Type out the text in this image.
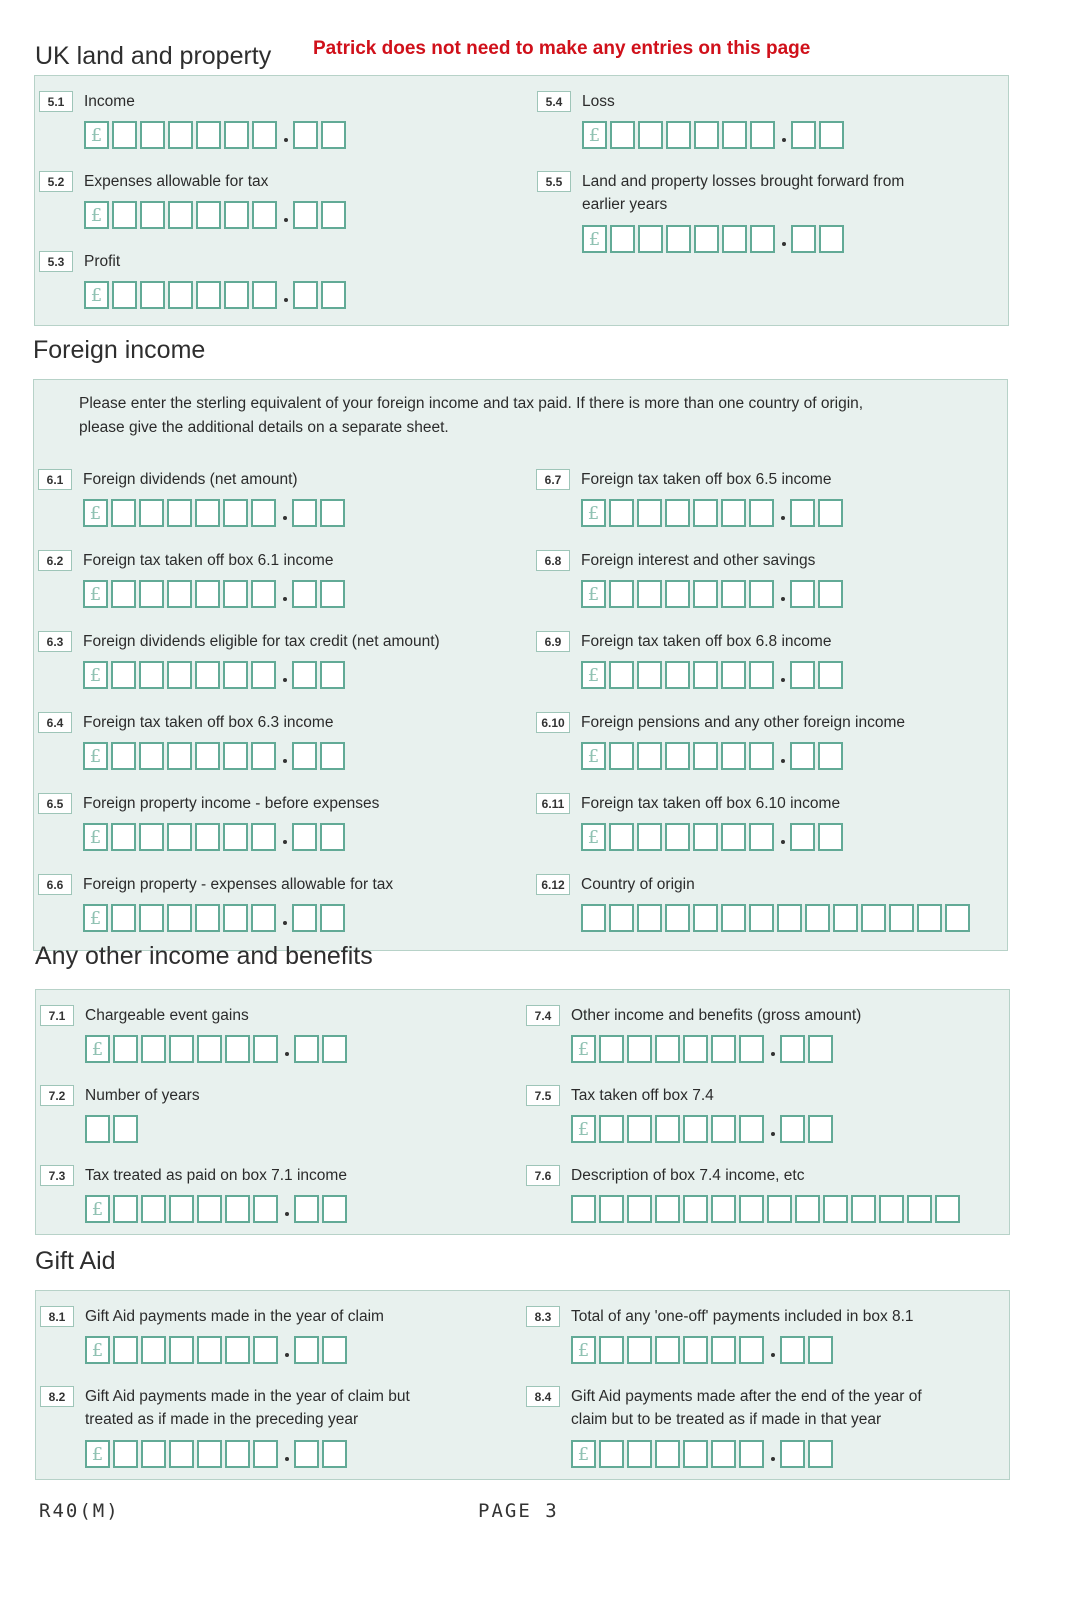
Patrick does not need to make any entries on this page
UK land and property
5.1	Income
£
5.2	Expenses allowable for tax
£
5.3	Profit
£
5.4	Loss
£
5.5	Land and property losses brought forward from
earlier years
£
Foreign income
Please enter the sterling equivalent of your foreign income and tax paid. If there is more than one country of origin,
please give the additional details on a separate sheet.
6.1	Foreign dividends (net amount)
£
6.2	Foreign tax taken off box 6.1 income
£
6.3	Foreign dividends eligible for tax credit (net amount)
£
6.4	Foreign tax taken off box 6.3 income
£
6.5	Foreign property income - before expenses
£
6.6	Foreign property - expenses allowable for tax
£
6.7	Foreign tax taken off box 6.5 income
£
6.8	Foreign interest and other savings
£
6.9	Foreign tax taken off box 6.8 income
£
6.10	Foreign pensions and any other foreign income
£
6.11	Foreign tax taken off box 6.10 income
£
6.12	Country of origin
Any other income and benefits
7.1	Chargeable event gains
£
7.2	Number of years
7.3	Tax treated as paid on box 7.1 income
£
7.4	Other income and benefits (gross amount)
£
7.5	Tax taken off box 7.4
£
7.6	Description of box 7.4 income, etc
Gift Aid
8.1	Gift Aid payments made in the year of claim
£
8.2	Gift Aid payments made in the year of claim but
treated as if made in the preceding year
£
8.3	Total of any 'one-off' payments included in box 8.1
£
8.4	Gift Aid payments made after the end of the year of
claim but to be treated as if made in that year
£
R40(M)	PAGE 3
